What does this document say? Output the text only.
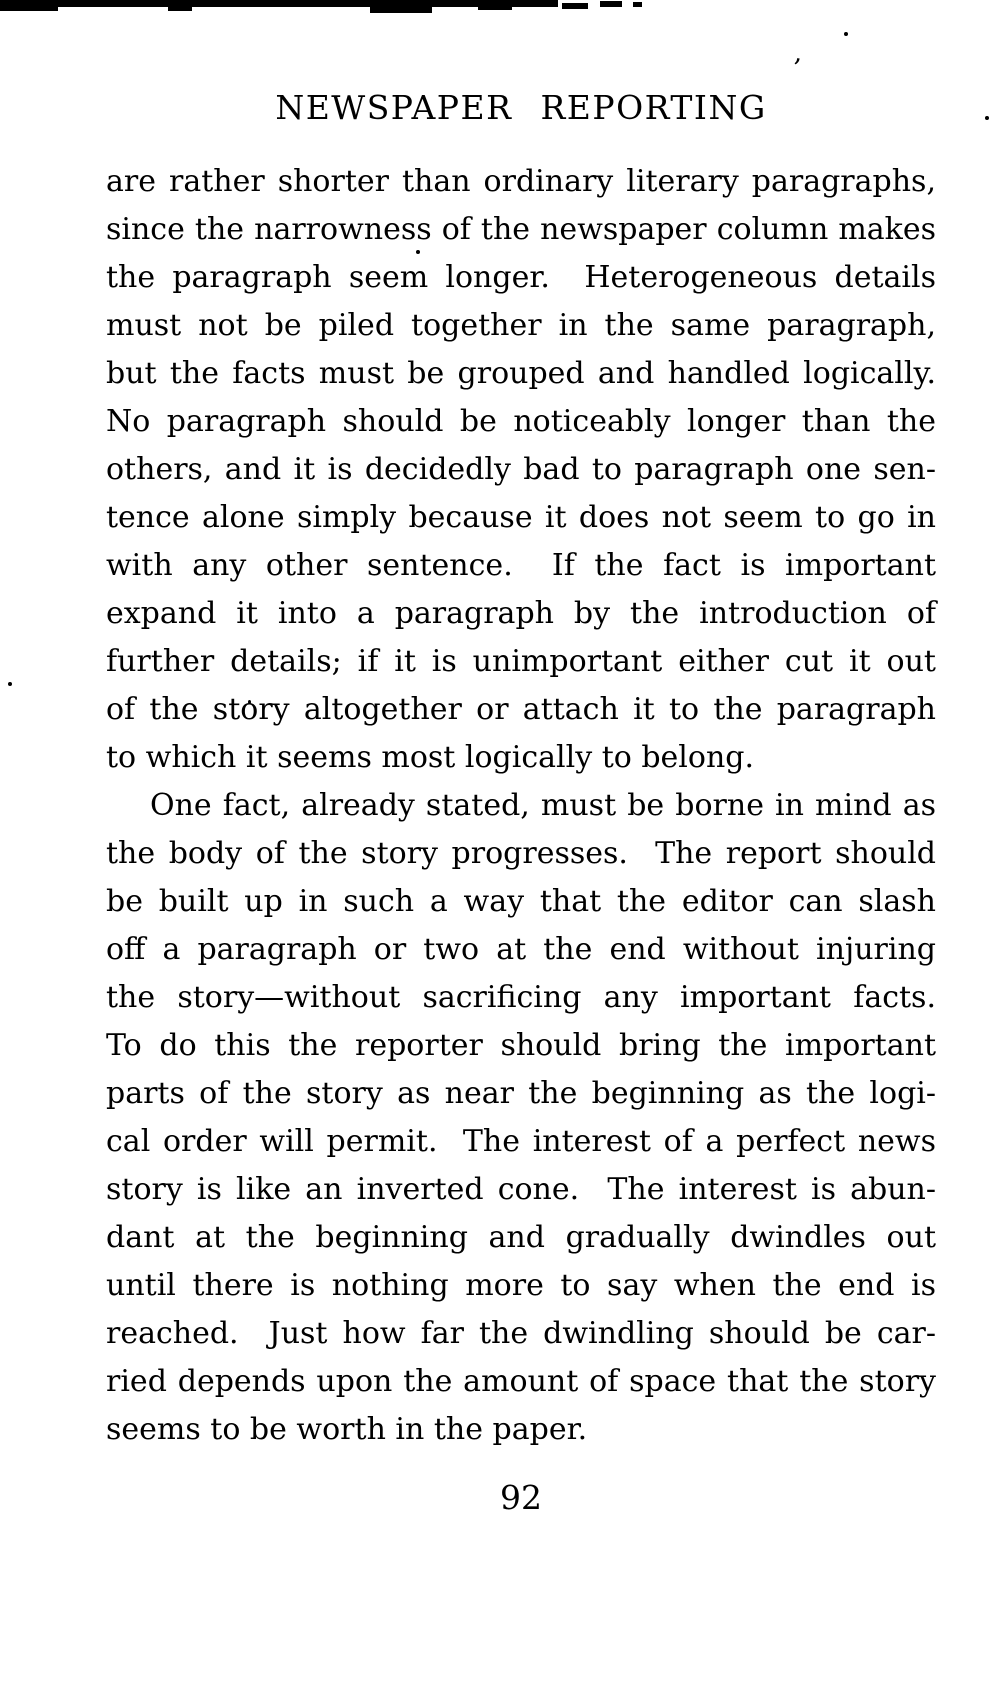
’
NEWSPAPER REPORTING
are rather shorter than ordinary literary paragraphs,
since the narrowness of the newspaper column makes
the paragraph seem longer.  Heterogeneous details
must not be piled together in the same paragraph,
but the facts must be grouped and handled logically.
No paragraph should be noticeably longer than the
others, and it is decidedly bad to paragraph one sen-
tence alone simply because it does not seem to go in
with any other sentence.  If the fact is important
expand it into a paragraph by the introduction of
further details; if it is unimportant either cut it out
of the story altogether or attach it to the paragraph
to which it seems most logically to belong.
One fact, already stated, must be borne in mind as
the body of the story progresses.  The report should
be built up in such a way that the editor can slash
off a paragraph or two at the end without injuring
the story—without sacrificing any important facts.
To do this the reporter should bring the important
parts of the story as near the beginning as the logi-
cal order will permit.  The interest of a perfect news
story is like an inverted cone.  The interest is abun-
dant at the beginning and gradually dwindles out
until there is nothing more to say when the end is
reached.  Just how far the dwindling should be car-
ried depends upon the amount of space that the story
seems to be worth in the paper.
92
